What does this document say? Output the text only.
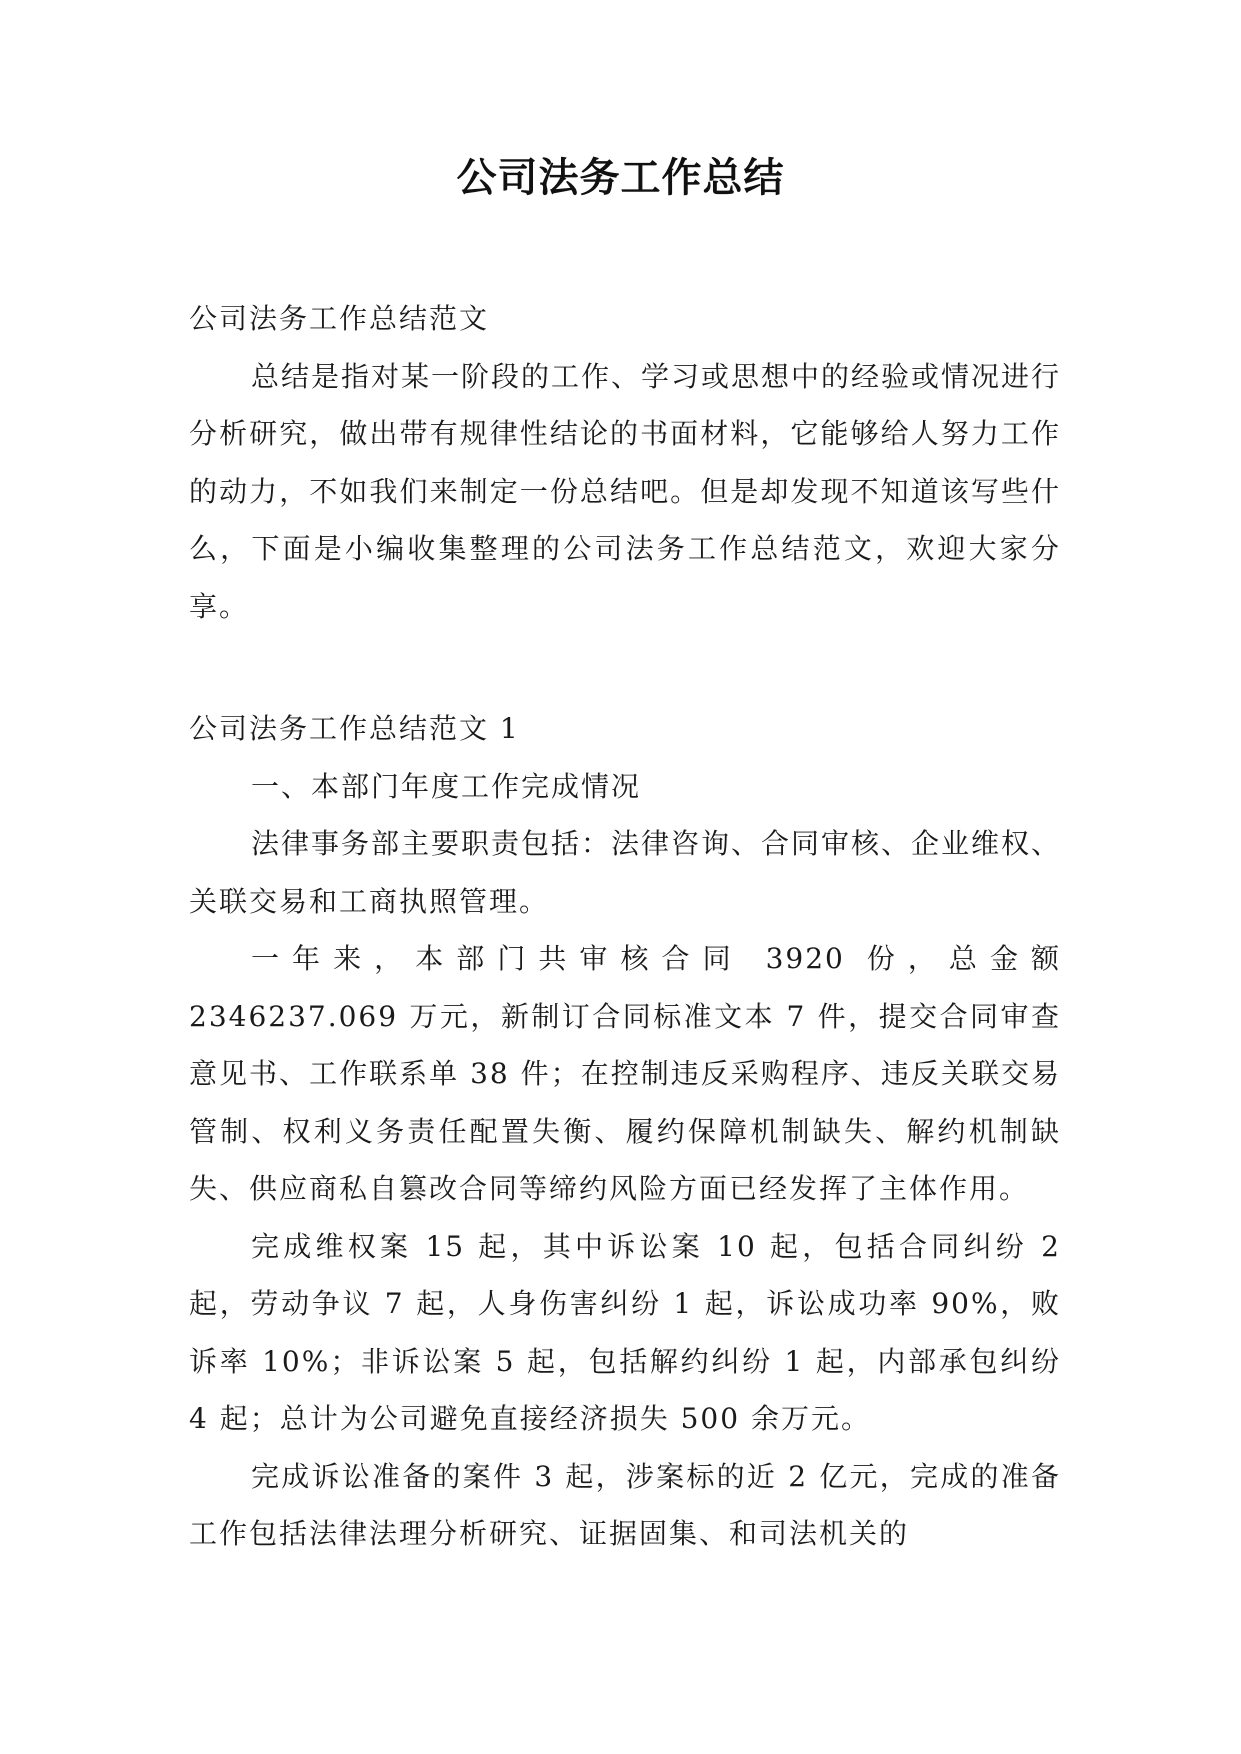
公司法务工作总结

公司法务工作总结范文

总结是指对某一阶段的工作、学习或思想中的经验或情况进行分析研究，做出带有规律性结论的书面材料，它能够给人努力工作的动力，不如我们来制定一份总结吧。但是却发现不知道该写些什么，下面是小编收集整理的公司法务工作总结范文，欢迎大家分享。

公司法务工作总结范文 1

一、本部门年度工作完成情况

法律事务部主要职责包括：法律咨询、合同审核、企业维权、关联交易和工商执照管理。

一年来，本部门共审核合同 3920 份，总金额 2346237.069 万元，新制订合同标准文本 7 件，提交合同审查意见书、工作联系单 38 件；在控制违反采购程序、违反关联交易管制、权利义务责任配置失衡、履约保障机制缺失、解约机制缺失、供应商私自篡改合同等缔约风险方面已经发挥了主体作用。

完成维权案 15 起，其中诉讼案 10 起，包括合同纠纷 2 起，劳动争议 7 起，人身伤害纠纷 1 起，诉讼成功率 90%，败诉率 10%；非诉讼案 5 起，包括解约纠纷 1 起，内部承包纠纷 4 起；总计为公司避免直接经济损失 500 余万元。

完成诉讼准备的案件 3 起，涉案标的近 2 亿元，完成的准备工作包括法律法理分析研究、证据固集、和司法机关的
